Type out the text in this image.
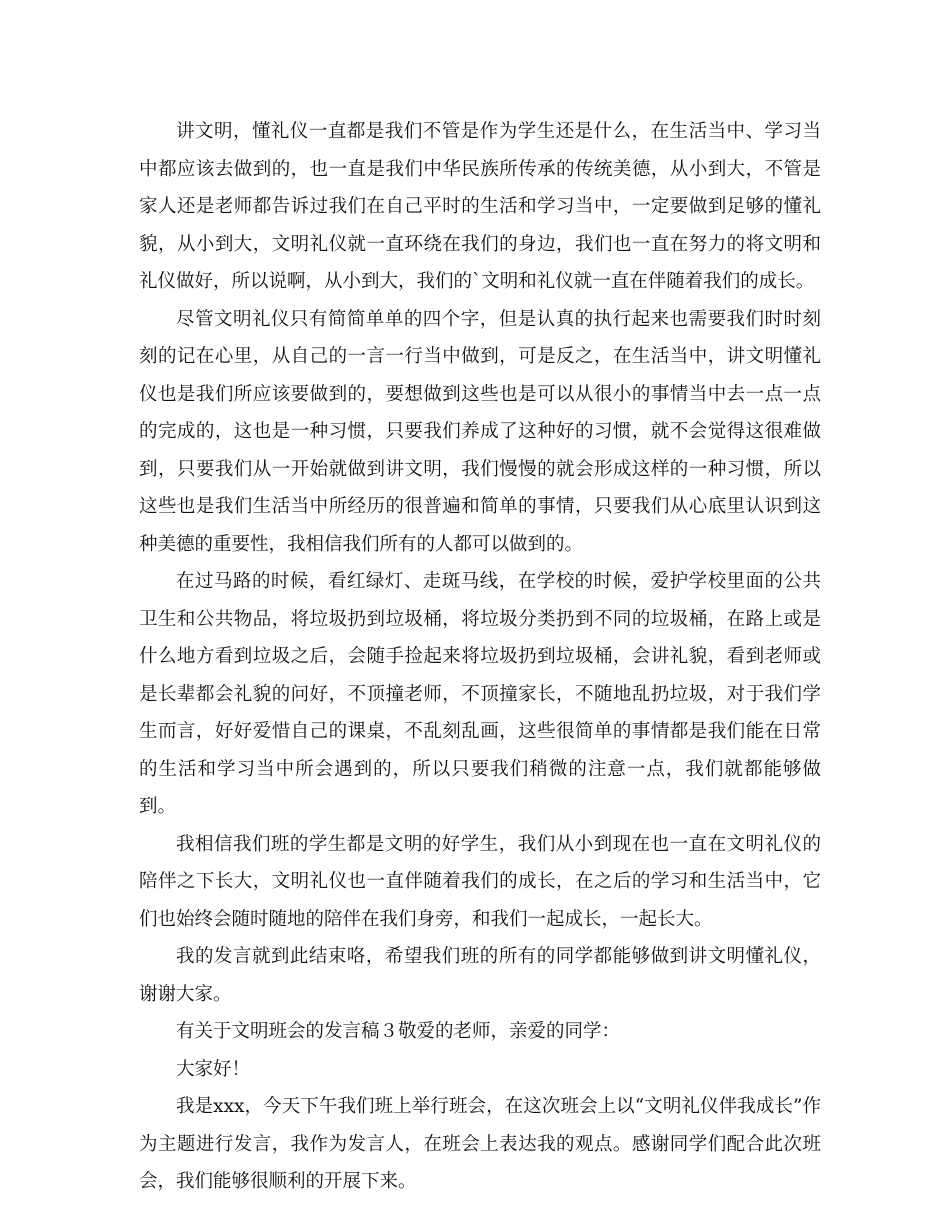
讲文明，懂礼仪一直都是我们不管是作为学生还是什么，在生活当中、学习当中都应该去做到的，也一直是我们中华民族所传承的传统美德，从小到大，不管是家人还是老师都告诉过我们在自己平时的生活和学习当中，一定要做到足够的懂礼貌，从小到大，文明礼仪就一直环绕在我们的身边，我们也一直在努力的将文明和礼仪做好，所以说啊，从小到大，我们的`文明和礼仪就一直在伴随着我们的成长。

尽管文明礼仪只有简简单单的四个字，但是认真的执行起来也需要我们时时刻刻的记在心里，从自己的一言一行当中做到，可是反之，在生活当中，讲文明懂礼仪也是我们所应该要做到的，要想做到这些也是可以从很小的事情当中去一点一点的完成的，这也是一种习惯，只要我们养成了这种好的习惯，就不会觉得这很难做到，只要我们从一开始就做到讲文明，我们慢慢的就会形成这样的一种习惯，所以这些也是我们生活当中所经历的很普遍和简单的事情，只要我们从心底里认识到这种美德的重要性，我相信我们所有的人都可以做到的。

在过马路的时候，看红绿灯、走斑马线，在学校的时候，爱护学校里面的公共卫生和公共物品，将垃圾扔到垃圾桶，将垃圾分类扔到不同的垃圾桶，在路上或是什么地方看到垃圾之后，会随手捡起来将垃圾扔到垃圾桶，会讲礼貌，看到老师或是长辈都会礼貌的问好，不顶撞老师，不顶撞家长，不随地乱扔垃圾，对于我们学生而言，好好爱惜自己的课桌，不乱刻乱画，这些很简单的事情都是我们能在日常的生活和学习当中所会遇到的，所以只要我们稍微的注意一点，我们就都能够做到。

我相信我们班的学生都是文明的好学生，我们从小到现在也一直在文明礼仪的陪伴之下长大，文明礼仪也一直伴随着我们的成长，在之后的学习和生活当中，它们也始终会随时随地的陪伴在我们身旁，和我们一起成长，一起长大。

我的发言就到此结束咯，希望我们班的所有的同学都能够做到讲文明懂礼仪，谢谢大家。

有关于文明班会的发言稿３敬爱的老师，亲爱的同学：

大家好！

我是xxx，今天下午我们班上举行班会，在这次班会上以“文明礼仪伴我成长”作为主题进行发言，我作为发言人，在班会上表达我的观点。感谢同学们配合此次班会，我们能够很顺利的开展下来。
